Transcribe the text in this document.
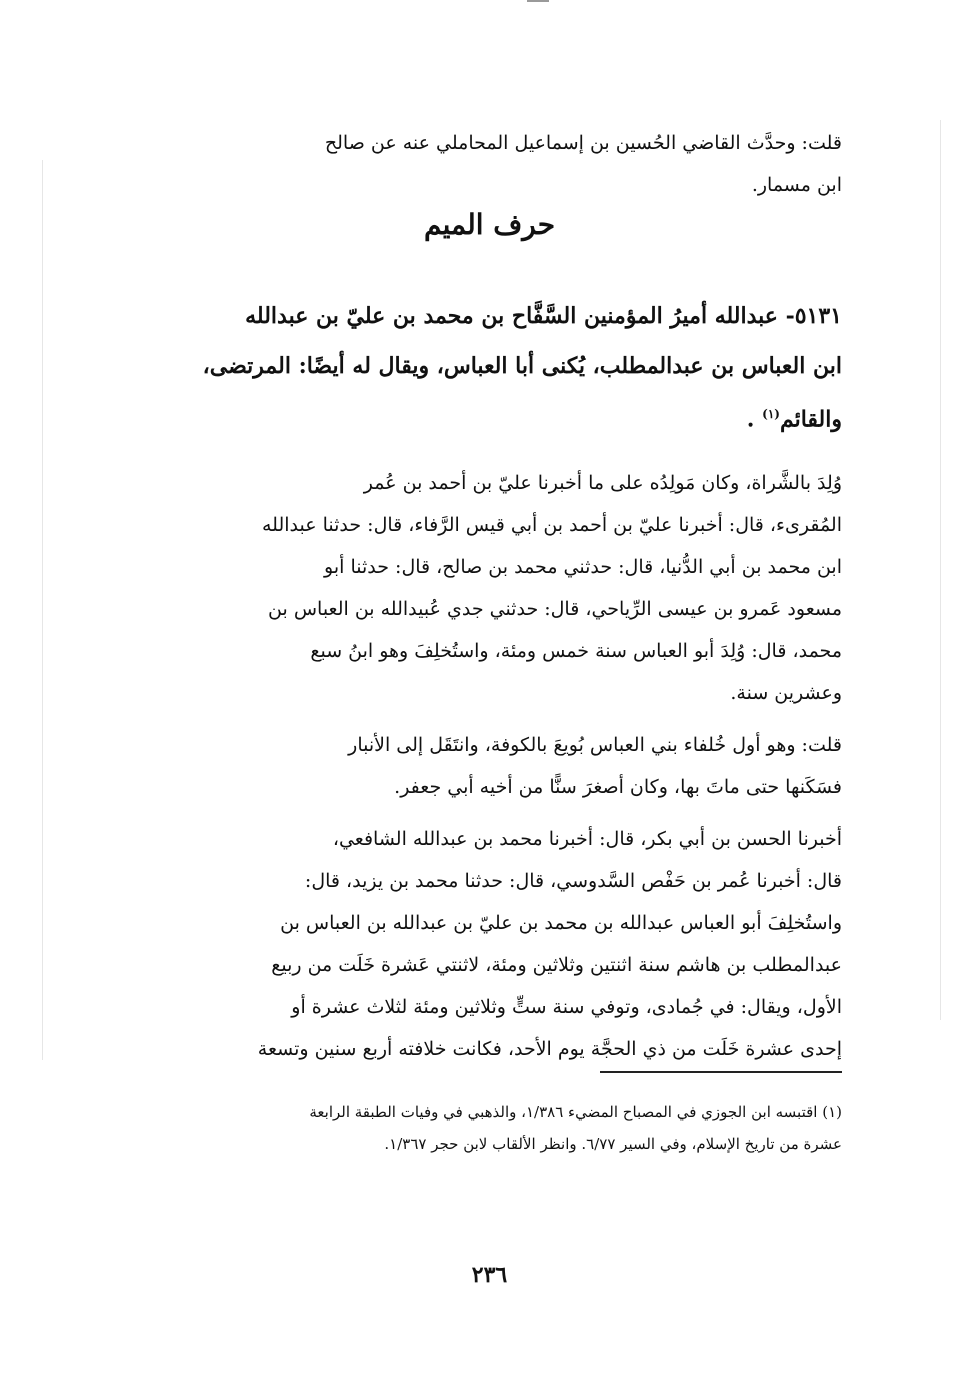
قلت: وحدَّث القاضي الحُسين بن إسماعيل المحاملي عنه عن صالح
ابن مسمار.
حرف الميم
٥١٣١- عبدالله أميرُ المؤمنين السَّفَّاح بن محمد بن عليّ بن عبدالله
ابن العباس بن عبدالمطلب، يُكنى أبا العباس، ويقال له أيضًا: المرتضى،
والقائم$^{(١)}$ .
وُلِدَ بالشَّراة، وكان مَولِدُه على ما أخبرنا عليّ بن أحمد بن عُمر
المُقرىء، قال: أخبرنا عليّ بن أحمد بن أبي قيس الرَّفاء، قال: حدثنا عبدالله
ابن محمد بن أبي الدُّنيا، قال: حدثني محمد بن صالح، قال: حدثنا أبو
مسعود عَمرو بن عيسى الرِّياحي، قال: حدثني جدي عُبيدالله بن العباس بن
محمد، قال: وُلِدَ أبو العباس سنة خمس ومئة، واستُخلِفَ وهو ابنُ سبع
وعشرين سنة.
قلت: وهو أول خُلفاء بني العباس بُويعَ بالكوفة، وانتَقَل إلى الأنبار
فسَكَنها حتى ماتَ بها، وكان أصغرَ سنًّا من أخيه أبي جعفر.
أخبرنا الحسن بن أبي بكر، قال: أخبرنا محمد بن عبدالله الشافعي،
قال: أخبرنا عُمر بن حَفْص السَّدوسي، قال: حدثنا محمد بن يزيد، قال:
واستُخلِفَ أبو العباس عبدالله بن محمد بن عليّ بن عبدالله بن العباس بن
عبدالمطلب بن هاشم سنة اثنتين وثلاثين ومئة، لاثنتي عَشرة خَلَت من ربيع
الأول، ويقال: في جُمادى، وتوفي سنة ستٍّ وثلاثين ومئة لثلاث عشرة أو
إحدى عشرة خَلَت من ذي الحجَّة يوم الأحد، فكانت خلافته أربع سنين وتسعة
(١) اقتبسه ابن الجوزي في المصباح المضيء ١/٣٨٦، والذهبي في وفيات الطبقة الرابعة
عشرة من تاريخ الإسلام، وفي السير ٦/٧٧. وانظر الألقاب لابن حجر ١/٣٦٧.
٢٣٦
